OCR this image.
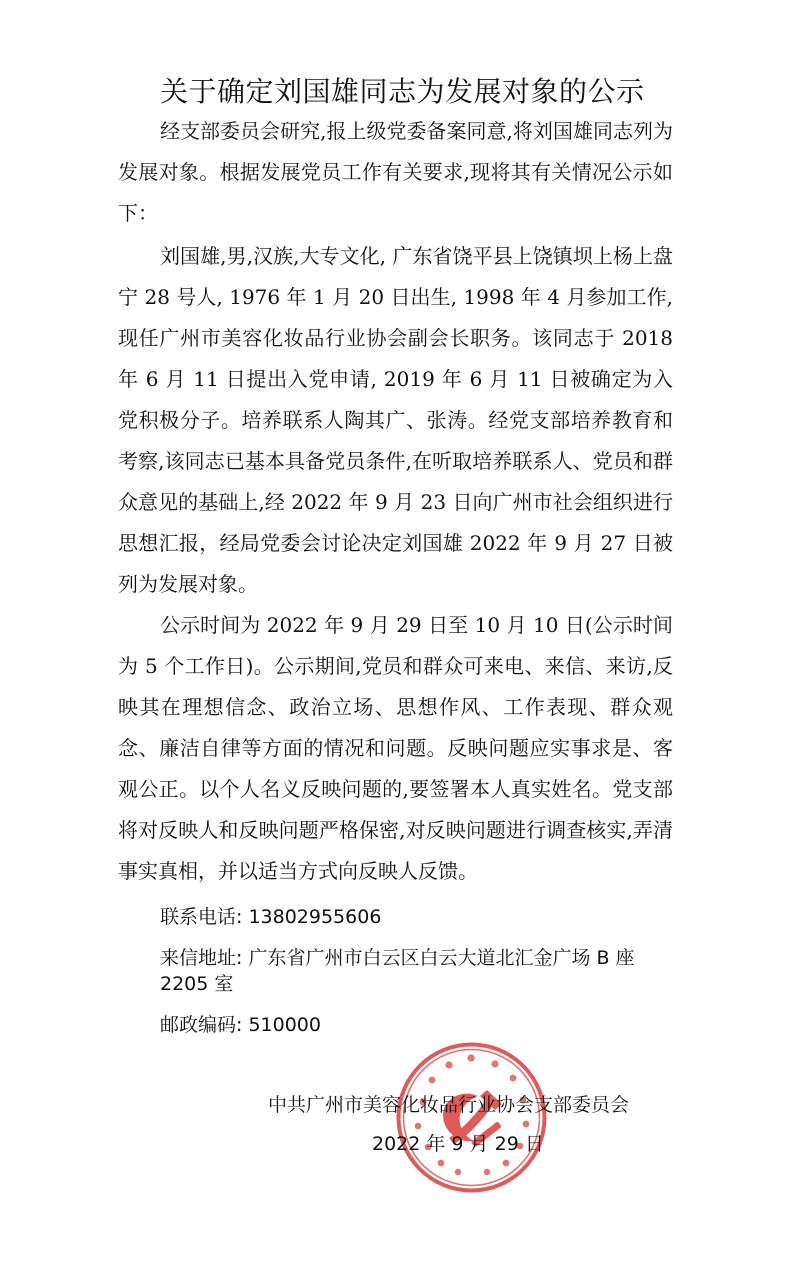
关于确定刘国雄同志为发展对象的公示
经支部委员会研究,报上级党委备案同意,将刘国雄同志列为发展对象。根据发展党员工作有关要求,现将其有关情况公示如下：
刘国雄,男,汉族,大专文化, 广东省饶平县上饶镇坝上杨上盘宁 28 号人, 1976 年 1 月 20 日出生, 1998 年 4 月参加工作,现任广州市美容化妆品行业协会副会长职务。该同志于 2018 年 6 月 11 日提出入党申请, 2019 年 6 月 11 日被确定为入党积极分子。培养联系人陶其广、张涛。经党支部培养教育和考察,该同志已基本具备党员条件,在听取培养联系人、党员和群众意见的基础上,经 2022 年 9 月 23 日向广州市社会组织进行思想汇报，经局党委会讨论决定刘国雄 2022 年 9 月 27 日被列为发展对象。
公示时间为 2022 年 9 月 29 日至 10 月 10 日(公示时间为 5 个工作日)。公示期间,党员和群众可来电、来信、来访,反映其在理想信念、政治立场、思想作风、工作表现、群众观念、廉洁自律等方面的情况和问题。反映问题应实事求是、客观公正。以个人名义反映问题的,要签署本人真实姓名。党支部将对反映人和反映问题严格保密,对反映问题进行调查核实,弄清事实真相，并以适当方式向反映人反馈。
联系电话: 13802955606
来信地址: 广东省广州市白云区白云大道北汇金广场 B 座 2205 室
邮政编码: 510000
中共广州市美容化妆品行业协会支部委员会
2022 年 9 月 29 日
